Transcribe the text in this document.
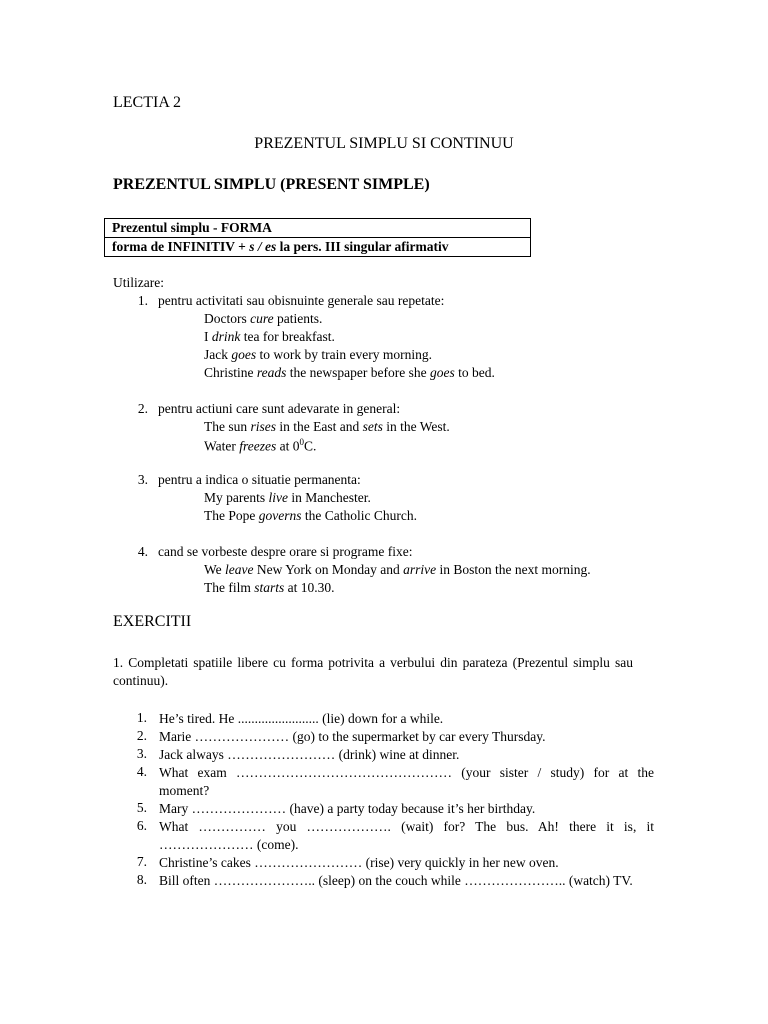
LECTIA 2
PREZENTUL SIMPLU SI CONTINUU
PREZENTUL SIMPLU (PRESENT SIMPLE)
Prezentul simplu - FORMA
forma de INFINITIV + s / es la pers. III singular afirmativ
Utilizare:
1. pentru activitati sau obisnuinte generale sau repetate:
Doctors cure patients.
I drink tea for breakfast.
Jack goes to work by train every morning.
Christine reads the newspaper before she goes to bed.
2. pentru actiuni care sunt adevarate in general:
The sun rises in the East and sets in the West.
Water freezes at $0^0C$.
3. pentru a indica o situatie permanenta:
My parents live in Manchester.
The Pope governs the Catholic Church.
4. cand se vorbeste despre orare si programe fixe:
We leave New York on Monday and arrive in Boston the next morning.
The film starts at 10.30.
EXERCITII
1. Completati spatiile libere cu forma potrivita a verbului din parateza (Prezentul simplu sau continuu).
1. He’s tired. He ........................ (lie) down for a while.
2. Marie ………………… (go) to the supermarket by car every Thursday.
3. Jack always …………………… (drink) wine at dinner.
4. What exam ………………………………………… (your sister / study) for at the moment?
5. Mary ………………… (have) a party today because it’s her birthday.
6. What …………… you ………………. (wait) for? The bus. Ah! there it is, it ………………… (come).
7. Christine’s cakes …………………… (rise) very quickly in her new oven.
8. Bill often ………………….. (sleep) on the couch while ………………….. (watch) TV.
